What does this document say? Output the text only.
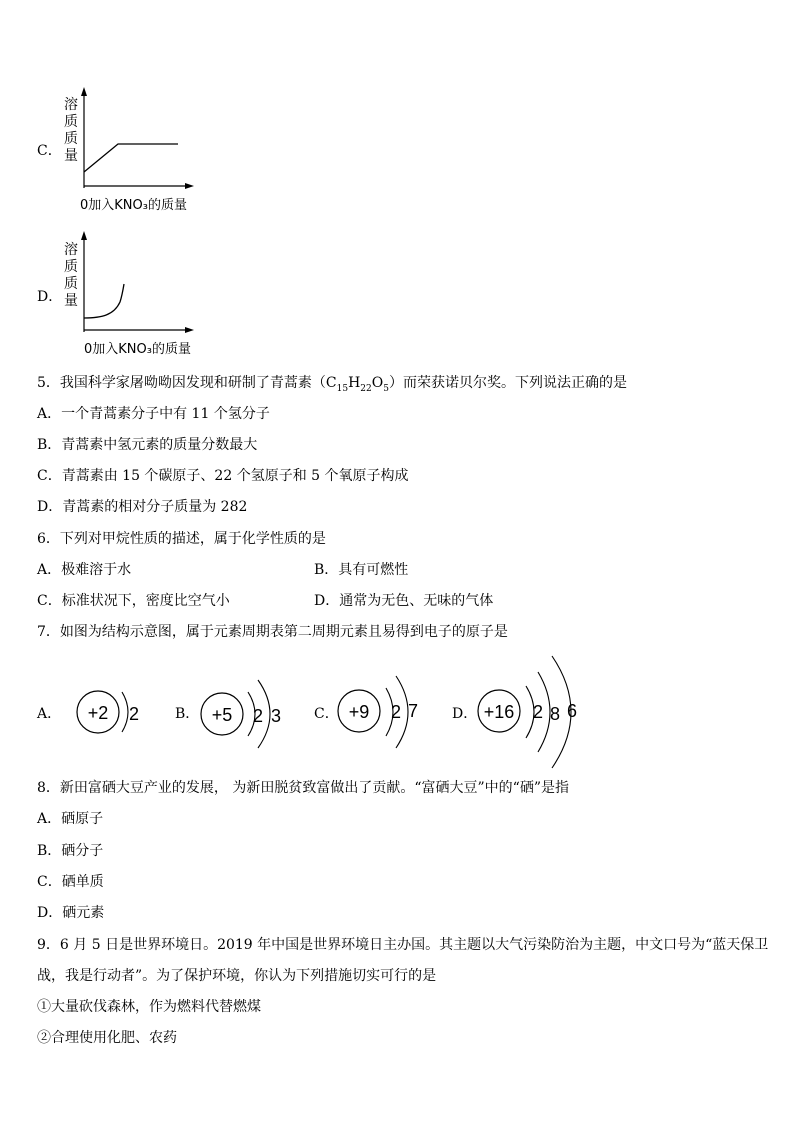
C．
溶质质量
0加入KNO₃的质量
D．
溶质质量
0加入KNO₃的质量
5．我国科学家屠呦呦因发现和研制了青蒿素$(C_{15}H_{22}O_5)$而荣获诺贝尔奖。下列说法正确的是
A．一个青蒿素分子中有 11 个氢分子
B．青蒿素中氢元素的质量分数最大
C．青蒿素由 15 个碳原子、22 个氢原子和 5 个氧原子构成
D．青蒿素的相对分子质量为 282
6．下列对甲烷性质的描述，属于化学性质的是
A．极难溶于水	B．具有可燃性
C．标准状况下，密度比空气小	D．通常为无色、无味的气体
7．如图为结构示意图，属于元素周期表第二周期元素且易得到电子的原子是
A．	B．	C．	D．
+2 2	+5 2 3	+9 2 7	+16 2 8 6
8．新田富硒大豆产业的发展， 为新田脱贫致富做出了贡献。“富硒大豆”中的“硒”是指
A．硒原子
B．硒分子
C．硒单质
D．硒元素
9．6 月 5 日是世界环境日。2019 年中国是世界环境日主办国。其主题以大气污染防治为主题，中文口号为“蓝天保卫
战，我是行动者”。为了保护环境，你认为下列措施切实可行的是
①大量砍伐森林，作为燃料代替燃煤
②合理使用化肥、农药
